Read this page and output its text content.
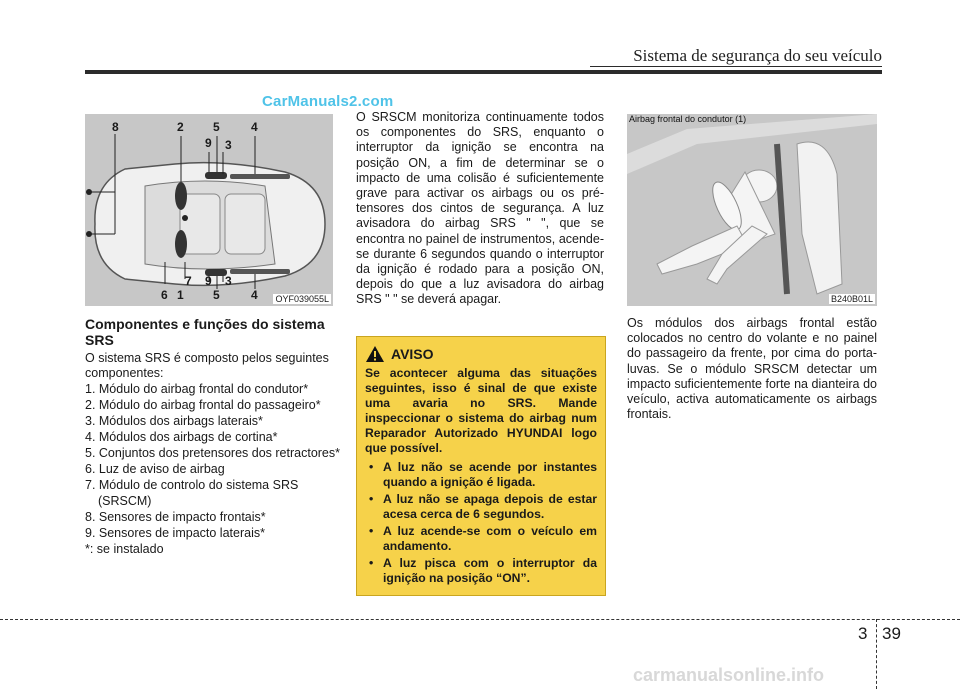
Sistema de segurança do seu veículo
CarManuals2.com
8	2 5	4
9 3
7 9 3
6 1 5	4 OYF039055L
Airbag frontal do condutor (1)
B240B01L
Componentes e funções do sistema SRS
O sistema SRS é composto pelos seguintes componentes:
1. Módulo do airbag frontal do condutor*
2. Módulo do airbag frontal do passageiro*
3. Módulos dos airbags laterais*
4. Módulos dos airbags de cortina*
5. Conjuntos dos pretensores dos retractores*
6. Luz de aviso de airbag
7. Módulo de controlo do sistema SRS (SRSCM)
8. Sensores de impacto frontais*
9. Sensores de impacto laterais*
*: se instalado
O SRSCM monitoriza continuamente todos os componentes do SRS, enquanto o interruptor da ignição se encontra na posição ON, a fim de determinar se o impacto de uma colisão é suficientemente grave para activar os airbags ou os pré-tensores dos cintos de segurança. A luz avisadora do airbag SRS " ", que se encontra no painel de instrumentos, acende-se durante 6 segundos quando o interruptor da ignição é rodado para a posição ON, depois do que a luz avisadora do airbag SRS " " se deverá apagar.
AVISO
Se acontecer alguma das situações seguintes, isso é sinal de que existe uma avaria no SRS. Mande inspeccionar o sistema do airbag num Reparador Autorizado HYUNDAI logo que possível.
• A luz não se acende por instantes quando a ignição é ligada.
• A luz não se apaga depois de estar acesa cerca de 6 segundos.
• A luz acende-se com o veículo em andamento.
• A luz pisca com o interruptor da ignição na posição “ON”.
Os módulos dos airbags frontal estão colocados no centro do volante e no painel do passageiro da frente, por cima do porta-luvas. Se o módulo SRSCM detectar um impacto suficientemente forte na dianteira do veículo, activa automaticamente os airbags frontais.
3 39
carmanualsonline.info
